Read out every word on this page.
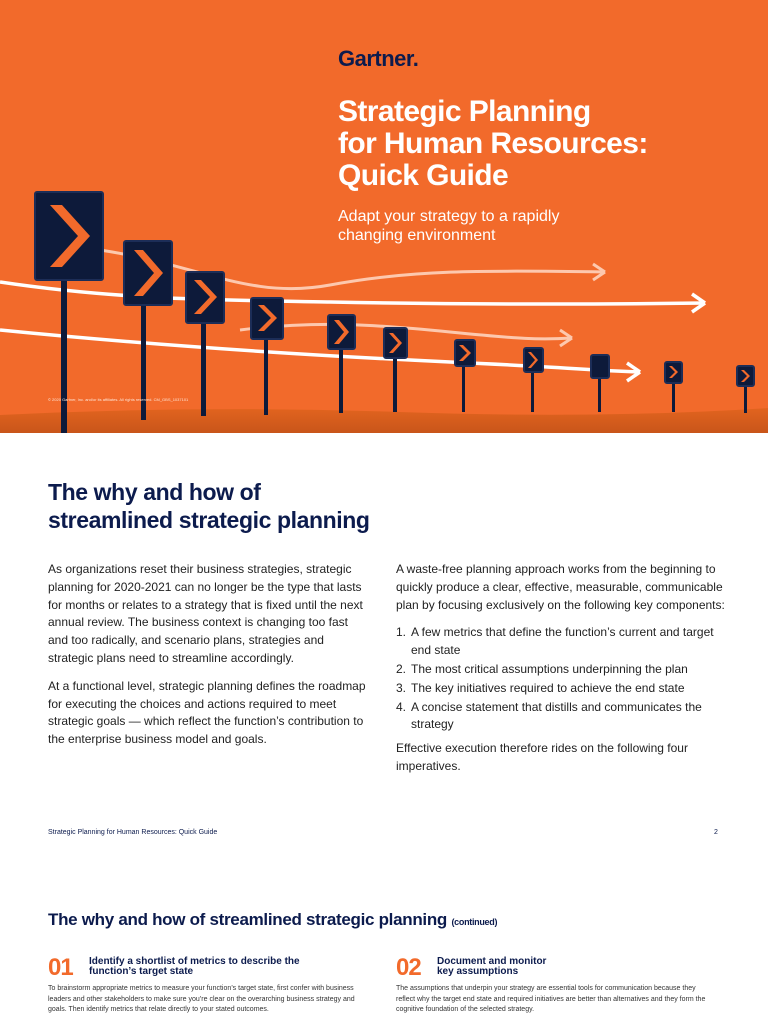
Gartner.
Strategic Planning
for Human Resources:
Quick Guide
Adapt your strategy to a rapidly
changing environment
© 2020 Gartner, Inc. and/or its affiliates. All rights reserved. CM_GBS_1037101
The why and how of
streamlined strategic planning

As organizations reset their business strategies, strategic planning for 2020-2021 can no longer be the type that lasts for months or relates to a strategy that is fixed until the next annual review. The business context is changing too fast and too radically, and scenario plans, strategies and strategic plans need to streamline accordingly.

At a functional level, strategic planning defines the roadmap for executing the choices and actions required to meet strategic goals — which reflect the function’s contribution to the enterprise business model and goals.

A waste-free planning approach works from the beginning to quickly produce a clear, effective, measurable, communicable plan by focusing exclusively on the following key components:

1. A few metrics that define the function’s current and target end state
2. The most critical assumptions underpinning the plan
3. The key initiatives required to achieve the end state
4. A concise statement that distills and communicates the strategy

Effective execution therefore rides on the following four imperatives.

Strategic Planning for Human Resources: Quick Guide	2
The why and how of streamlined strategic planning (continued)
01 Identify a shortlist of metrics to describe the
function’s target state
To brainstorm appropriate metrics to measure your function’s target state, first confer with business leaders and other stakeholders to make sure you’re clear on the overarching business strategy and goals. Then identify metrics that relate directly to your stated outcomes.
02 Document and monitor
key assumptions
The assumptions that underpin your strategy are essential tools for communication because they reflect why the target end state and required initiatives are better than alternatives and they form the cognitive foundation of the selected strategy.
